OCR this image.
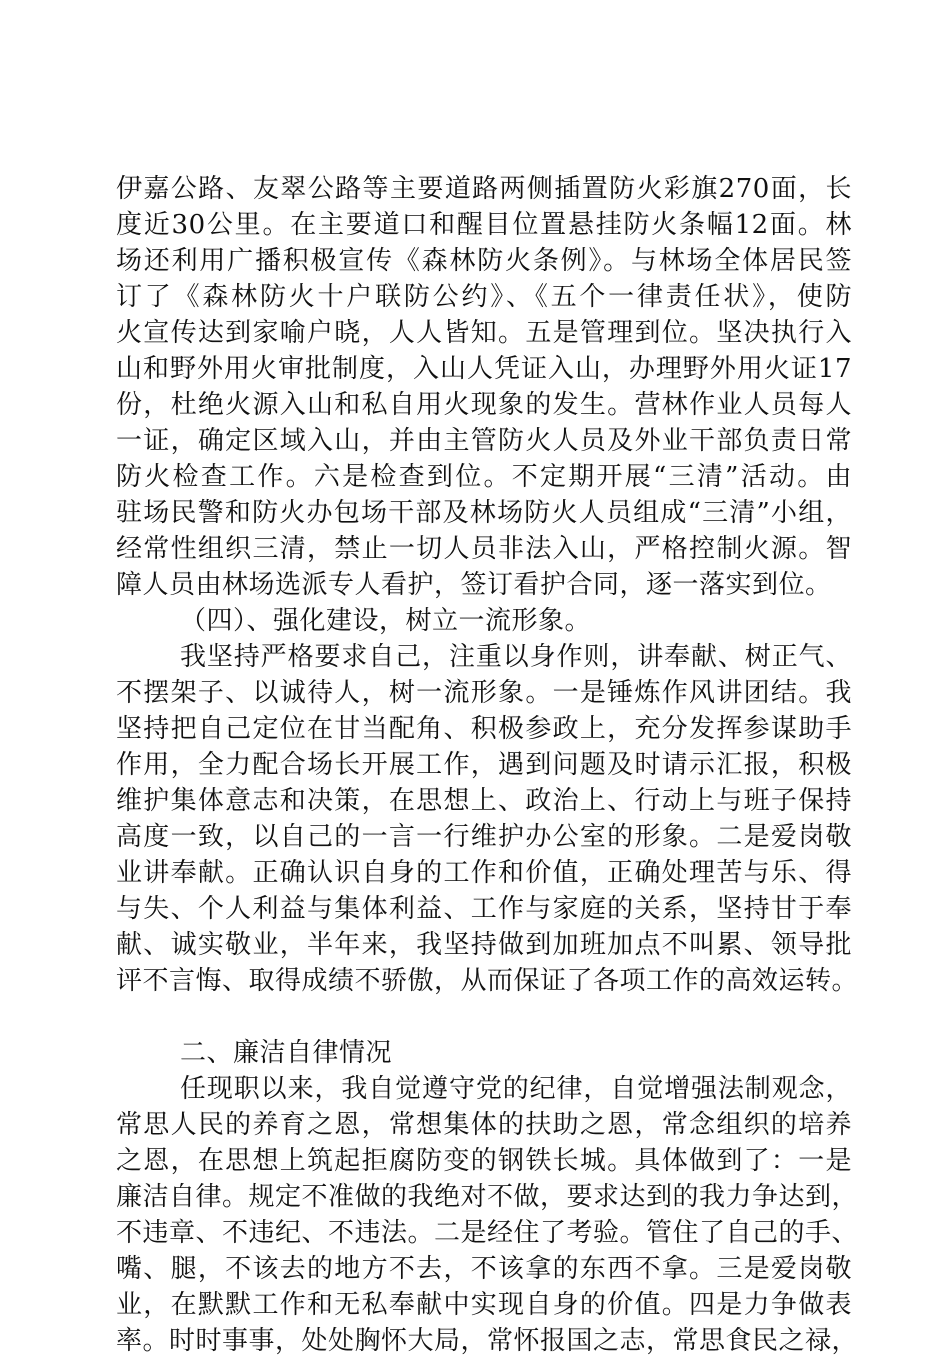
伊嘉公路、友翠公路等主要道路两侧插置防火彩旗270面，长
度近30公里。在主要道口和醒目位置悬挂防火条幅12面。林
场还利用广播积极宣传《森林防火条例》。与林场全体居民签
订了《森林防火十户联防公约》、《五个一律责任状》，使防
火宣传达到家喻户晓，人人皆知。五是管理到位。坚决执行入
山和野外用火审批制度，入山人凭证入山，办理野外用火证17
份，杜绝火源入山和私自用火现象的发生。营林作业人员每人
一证，确定区域入山，并由主管防火人员及外业干部负责日常
防火检查工作。六是检查到位。不定期开展“三清”活动。由
驻场民警和防火办包场干部及林场防火人员组成“三清”小组，
经常性组织三清，禁止一切人员非法入山，严格控制火源。智
障人员由林场选派专人看护，签订看护合同，逐一落实到位。
（四）、强化建设，树立一流形象。
我坚持严格要求自己，注重以身作则，讲奉献、树正气、
不摆架子、以诚待人，树一流形象。一是锤炼作风讲团结。我
坚持把自己定位在甘当配角、积极参政上，充分发挥参谋助手
作用，全力配合场长开展工作，遇到问题及时请示汇报，积极
维护集体意志和决策，在思想上、政治上、行动上与班子保持
高度一致，以自己的一言一行维护办公室的形象。二是爱岗敬
业讲奉献。正确认识自身的工作和价值，正确处理苦与乐、得
与失、个人利益与集体利益、工作与家庭的关系，坚持甘于奉
献、诚实敬业，半年来，我坚持做到加班加点不叫累、领导批
评不言悔、取得成绩不骄傲，从而保证了各项工作的高效运转。
二、廉洁自律情况
任现职以来，我自觉遵守党的纪律，自觉增强法制观念，
常思人民的养育之恩，常想集体的扶助之恩，常念组织的培养
之恩，在思想上筑起拒腐防变的钢铁长城。具体做到了：一是
廉洁自律。规定不准做的我绝对不做，要求达到的我力争达到，
不违章、不违纪、不违法。二是经住了考验。管住了自己的手、
嘴、腿，不该去的地方不去，不该拿的东西不拿。三是爱岗敬
业，在默默工作和无私奉献中实现自身的价值。四是力争做表
率。时时事事，处处胸怀大局，常怀报国之志，常思食民之禄，
